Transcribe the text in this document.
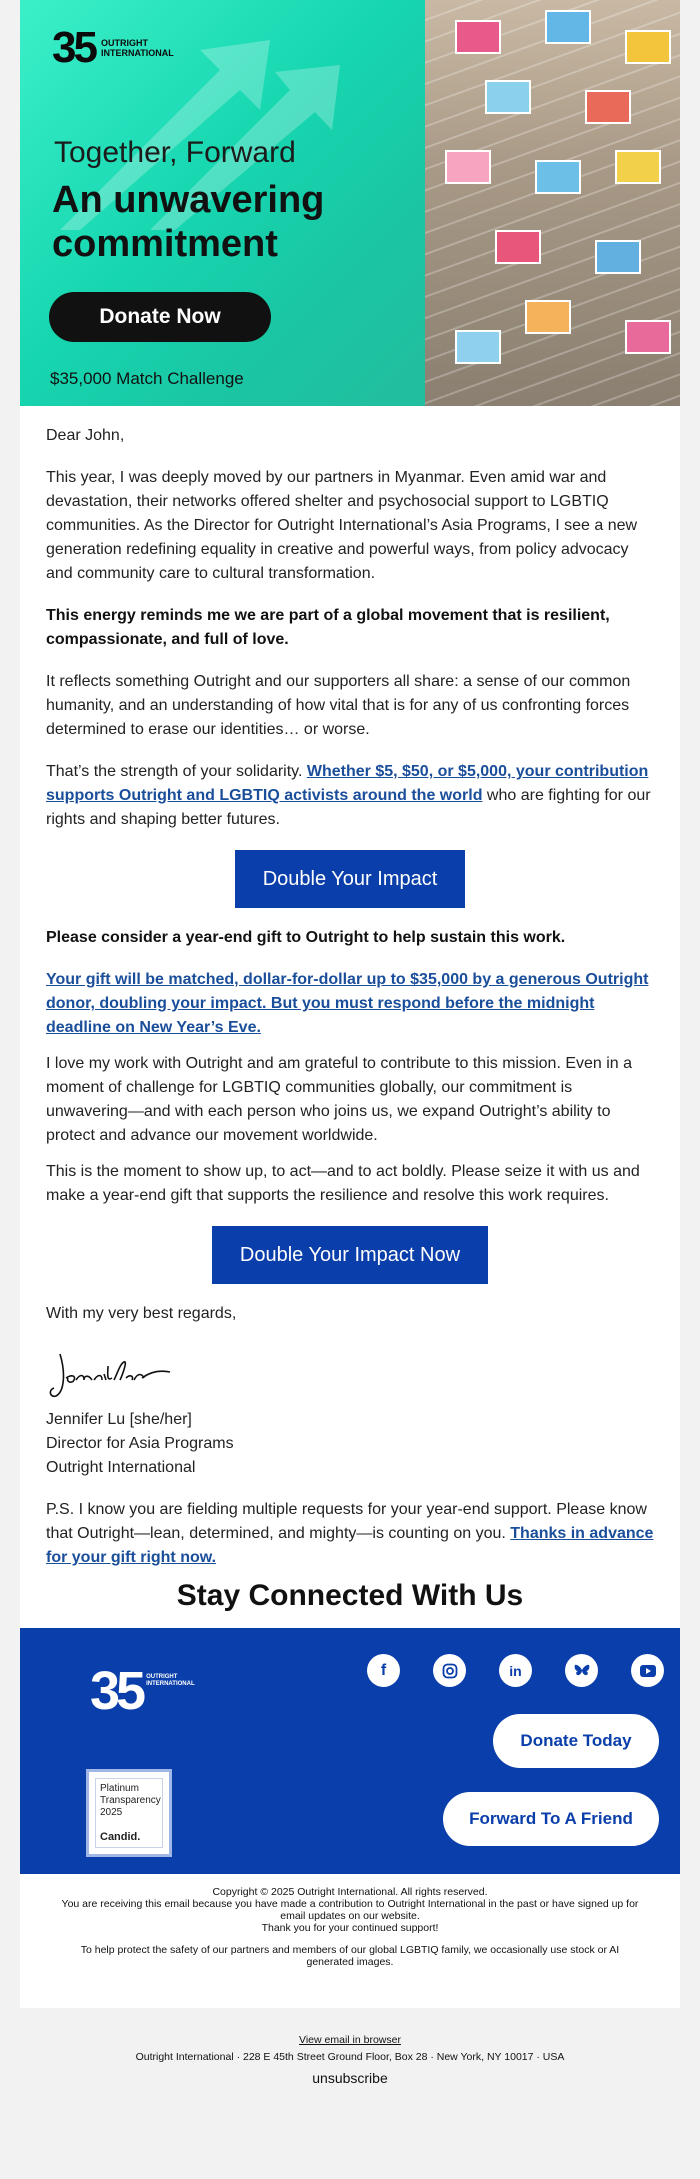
35 OUTRIGHT
INTERNATIONAL
Together, Forward
An unwavering commitment
Donate Now
$35,000 Match Challenge

Dear John,

This year, I was deeply moved by our partners in Myanmar. Even amid war and devastation, their networks offered shelter and psychosocial support to LGBTIQ communities. As the Director for Outright International’s Asia Programs, I see a new generation redefining equality in creative and powerful ways, from policy advocacy and community care to cultural transformation.

This energy reminds me we are part of a global movement that is resilient, compassionate, and full of love.

It reflects something Outright and our supporters all share: a sense of our common humanity, and an understanding of how vital that is for any of us confronting forces determined to erase our identities… or worse.

That’s the strength of your solidarity. Whether $5, $50, or $5,000, your contribution supports Outright and LGBTIQ activists around the world who are fighting for our rights and shaping better futures.

Double Your Impact

Please consider a year-end gift to Outright to help sustain this work.

Your gift will be matched, dollar-for-dollar up to $35,000 by a generous Outright donor, doubling your impact. But you must respond before the midnight deadline on New Year’s Eve.

I love my work with Outright and am grateful to contribute to this mission. Even in a moment of challenge for LGBTIQ communities globally, our commitment is unwavering—and with each person who joins us, we expand Outright’s ability to protect and advance our movement worldwide.

This is the moment to show up, to act—and to act boldly. Please seize it with us and make a year-end gift that supports the resilience and resolve this work requires.

Double Your Impact Now

With my very best regards,

Jennifer Lu [she/her]
Director for Asia Programs
Outright International

P.S. I know you are fielding multiple requests for your year-end support. Please know that Outright—lean, determined, and mighty—is counting on you. Thanks in advance for your gift right now.

Stay Connected With Us
35 OUTRIGHT
INTERNATIONAL
Platinum
Transparency
2025
Candid.
f	in
Donate Today
Forward To A Friend
Copyright © 2025 Outright International. All rights reserved.
You are receiving this email because you have made a contribution to Outright International in the past or have signed up for email updates on our website.

Thank you for your continued support!

To help protect the safety of our partners and members of our global LGBTIQ family, we occasionally use stock or AI generated images.

View email in browser
Outright International · 228 E 45th Street Ground Floor, Box 28 · New York, NY 10017 · USA
unsubscribe
